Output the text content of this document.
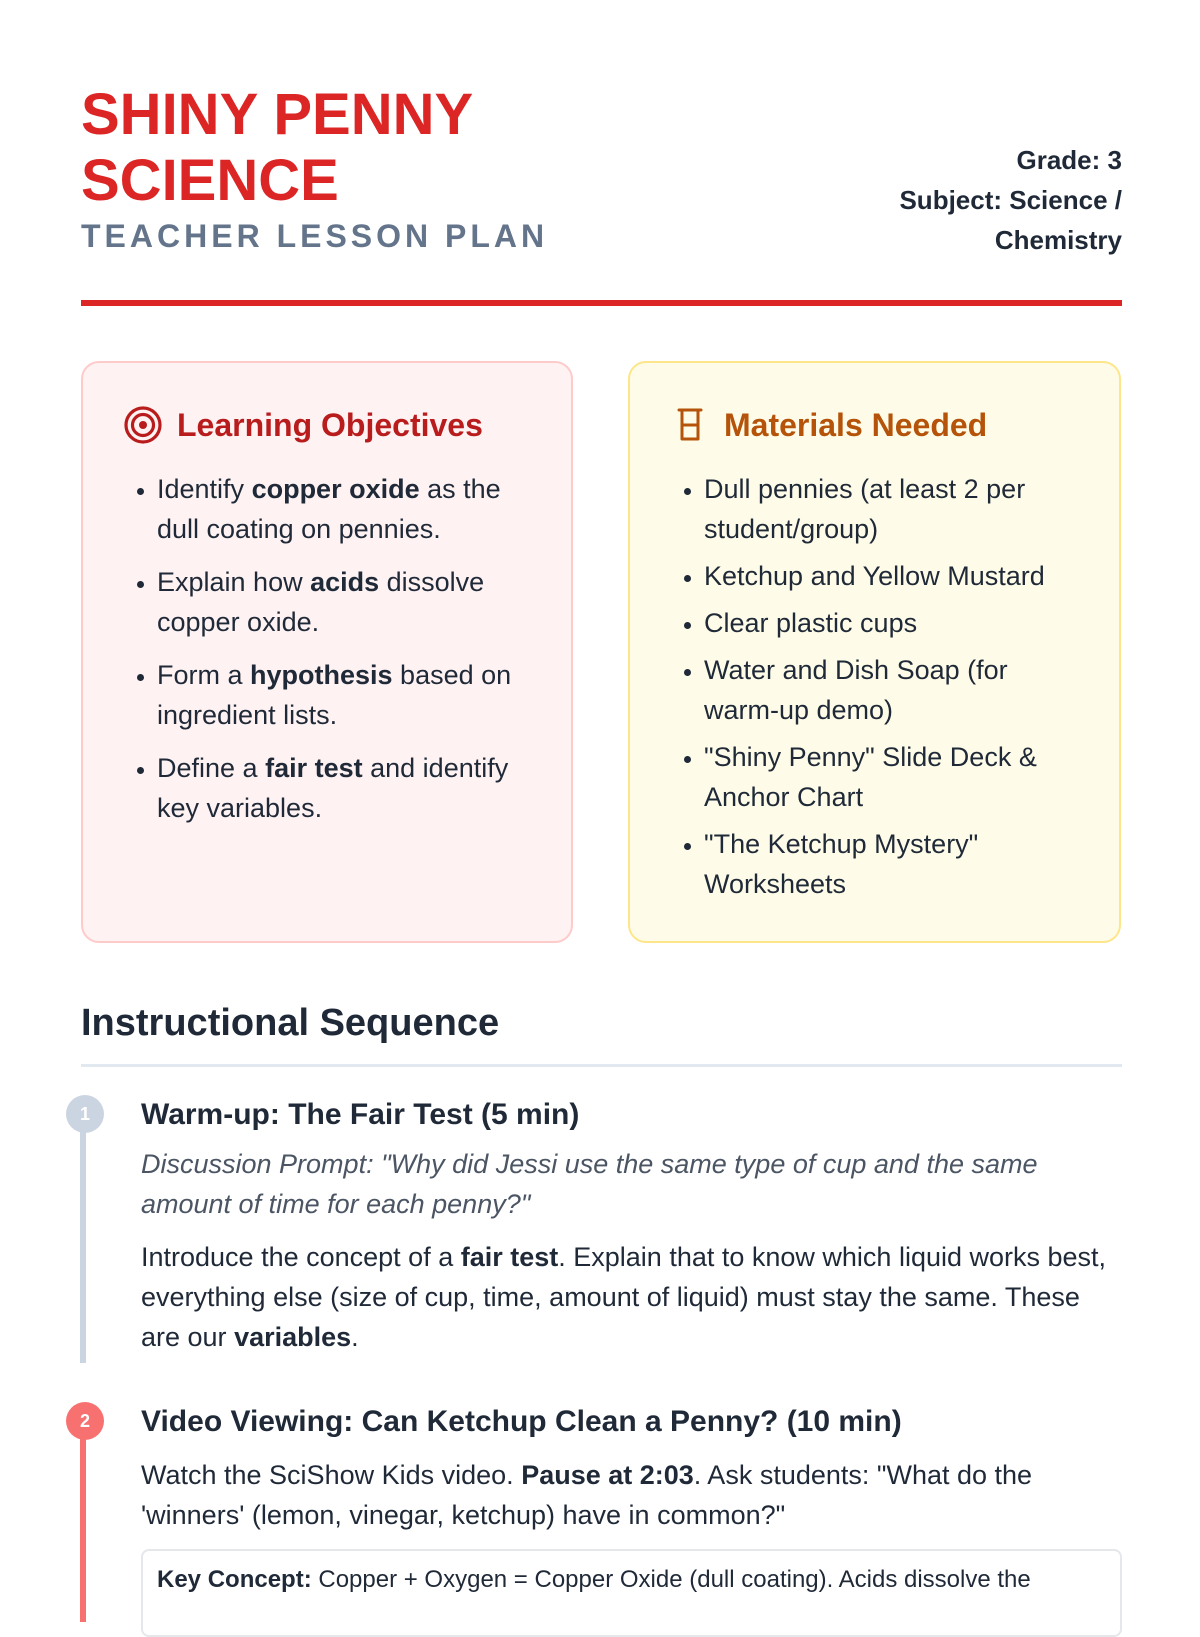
SHINY PENNY
SCIENCE
TEACHER LESSON PLAN
Grade: 3
Subject: Science /
Chemistry
Learning Objectives
• Identify copper oxide as the dull coating on pennies.
• Explain how acids dissolve copper oxide.
• Form a hypothesis based on ingredient lists.
• Define a fair test and identify key variables.
Materials Needed
• Dull pennies (at least 2 per student/group)
• Ketchup and Yellow Mustard
• Clear plastic cups
• Water and Dish Soap (for warm-up demo)
• "Shiny Penny" Slide Deck & Anchor Chart
• "The Ketchup Mystery" Worksheets
Instructional Sequence
1	Warm-up: The Fair Test (5 min)

Discussion Prompt: "Why did Jessi use the same type of cup and the same amount of time for each penny?"

Introduce the concept of a fair test. Explain that to know which liquid works best, everything else (size of cup, time, amount of liquid) must stay the same. These are our variables.

2	Video Viewing: Can Ketchup Clean a Penny? (10 min)

Watch the SciShow Kids video. Pause at 2:03. Ask students: "What do the 'winners' (lemon, vinegar, ketchup) have in common?"

Key Concept: Copper + Oxygen = Copper Oxide (dull coating). Acids dissolve the
